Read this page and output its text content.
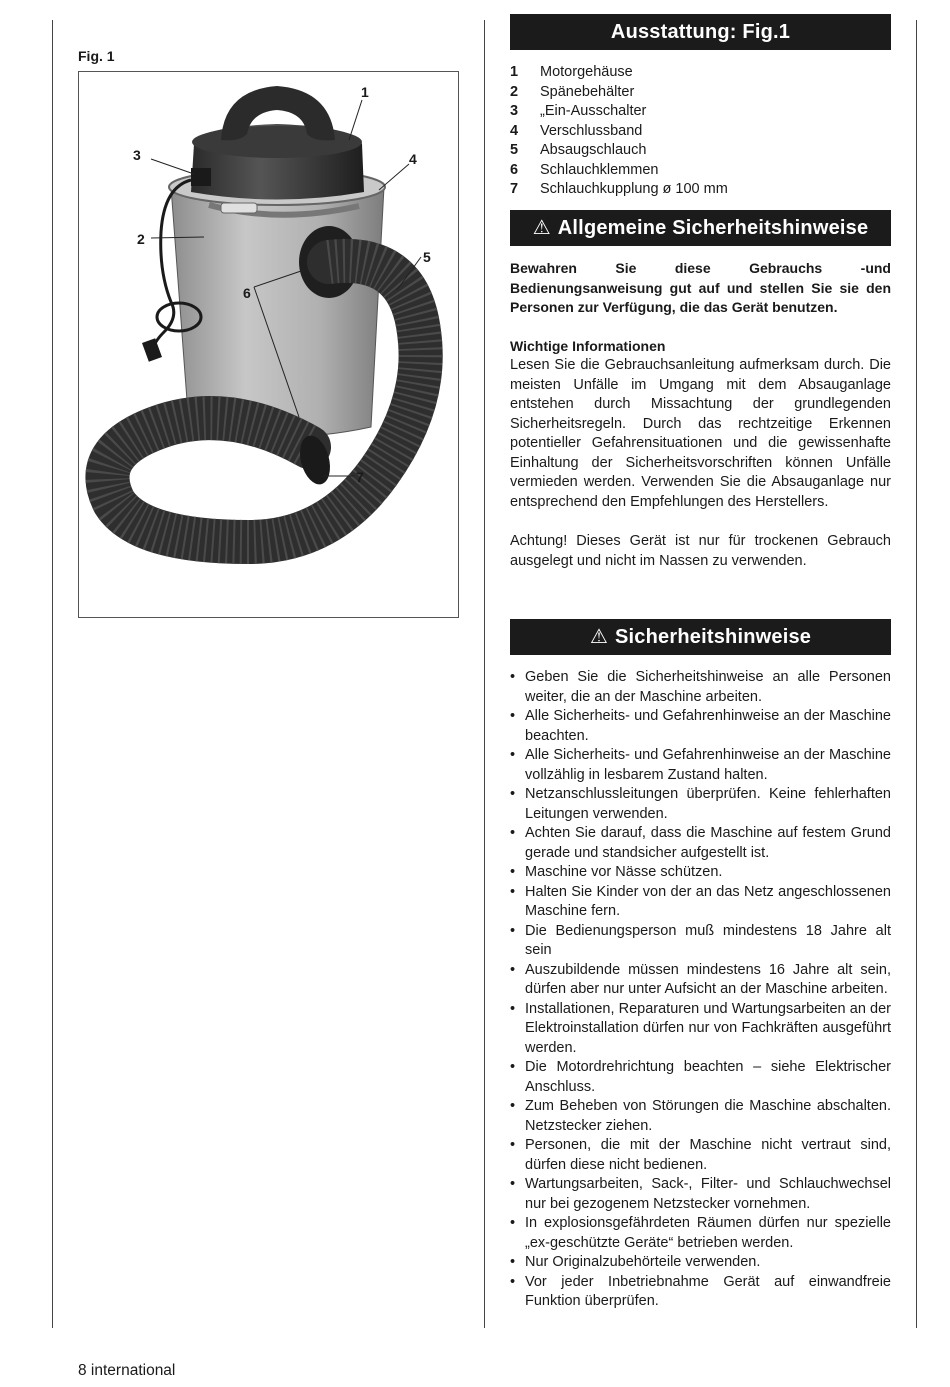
Fig. 1
1
2
3	4
5
6
7
Ausstattung: Fig.1
1	Motorgehäuse
2	Spänebehälter
3	„Ein-Ausschalter
4	Verschlussband
5	Absaugschlauch
6	Schlauchklemmen
7	Schlauchkupplung ø 100 mm
⚠ Allgemeine Sicherheitshinweise
Bewahren Sie diese Gebrauchs -und Bedienungsanweisung gut auf und stellen Sie sie den Personen zur Verfügung, die das Gerät benutzen.
Wichtige Informationen
Lesen Sie die Gebrauchsanleitung aufmerksam durch. Die meisten Unfälle im Umgang mit dem Absauganlage entstehen durch Missachtung der grundlegenden Sicherheitsregeln. Durch das rechtzeitige Erkennen potentieller Gefahrensituationen und die gewissenhafte Einhaltung der Sicherheitsvorschriften können Unfälle vermieden werden. Verwenden Sie die Absauganlage nur entsprechend den Empfehlungen des Herstellers.
Achtung! Dieses Gerät ist nur für trockenen Gebrauch ausgelegt und nicht im Nassen zu verwenden.
⚠ Sicherheitshinweise
• Geben Sie die Sicherheitshinweise an alle Personen weiter, die an der Maschine arbeiten.
• Alle Sicherheits- und Gefahrenhinweise an der Maschine beachten.
• Alle Sicherheits- und Gefahrenhinweise an der Maschine vollzählig in lesbarem Zustand halten.
• Netzanschlussleitungen überprüfen. Keine fehlerhaften Leitungen verwenden.
• Achten Sie darauf, dass die Maschine auf festem Grund gerade und standsicher aufgestellt ist.
• Maschine vor Nässe schützen.
• Halten Sie Kinder von der an das Netz angeschlossenen Maschine fern.
• Die Bedienungsperson muß mindestens 18 Jahre alt sein
• Auszubildende müssen mindestens 16 Jahre alt sein, dürfen aber nur unter Aufsicht an der Maschine arbeiten.
• Installationen, Reparaturen und Wartungsarbeiten an der Elektroinstallation dürfen nur von Fachkräften ausgeführt werden.
• Die Motordrehrichtung beachten – siehe Elektrischer Anschluss.
• Zum Beheben von Störungen die Maschine abschalten. Netzstecker ziehen.
• Personen, die mit der Maschine nicht vertraut sind, dürfen diese nicht bedienen.
• Wartungsarbeiten, Sack-, Filter- und Schlauchwechsel nur bei gezogenem Netzstecker vornehmen.
• In explosionsgefährdeten Räumen dürfen nur spezielle „ex-geschützte Geräte“ betrieben werden.
• Nur Originalzubehörteile verwenden.
• Vor jeder Inbetriebnahme Gerät auf einwandfreie Funktion überprüfen.
8 international
